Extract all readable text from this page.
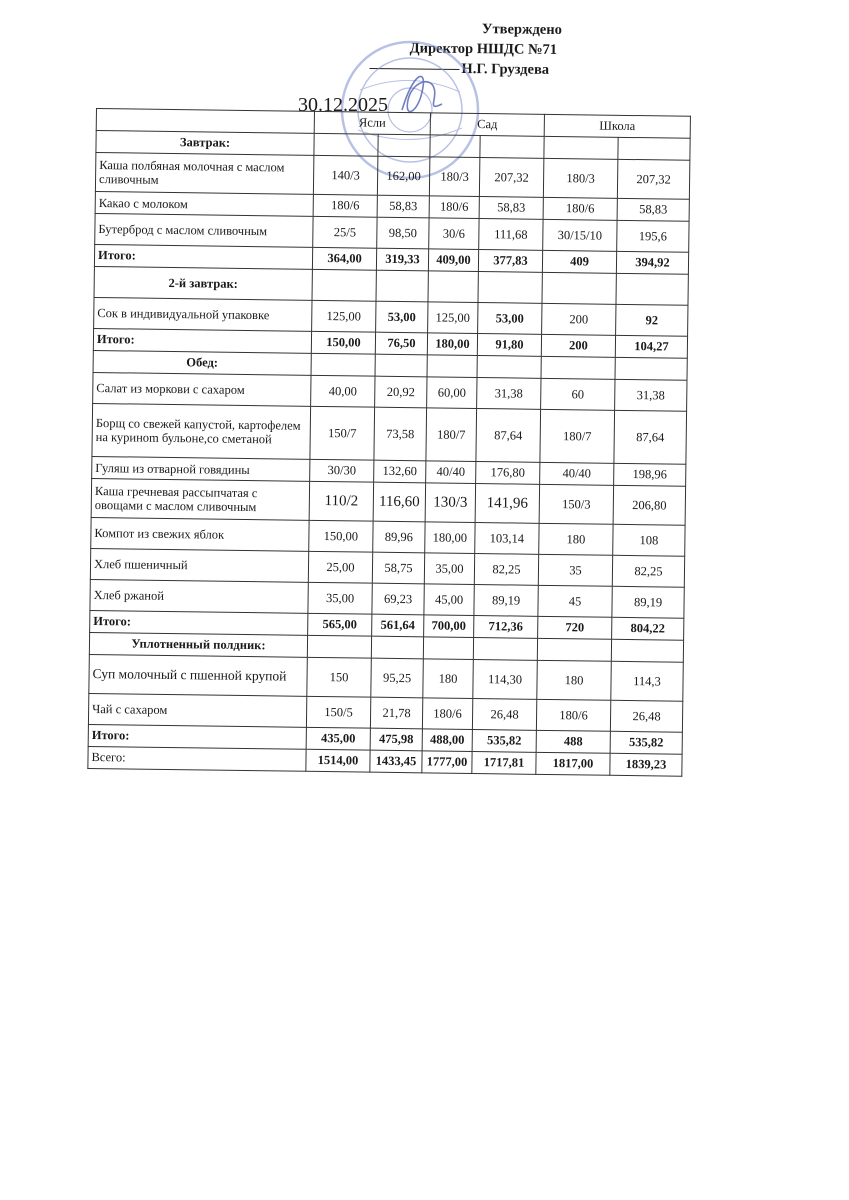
Утверждено
Директор НШДС №71
Н.Г. Груздева
30.12.2025
	Ясли		Сад		Школа	
Завтрак:						
Каша полбяная молочная с маслом сливочным	140/3	162,00	180/3	207,32	180/3	207,32
Какао с молоком	180/6	58,83	180/6	58,83	180/6	58,83
Бутерброд с маслом сливочным	25/5	98,50	30/6	111,68	30/15/10	195,6
Итого:	364,00	319,33	409,00	377,83	409	394,92
2-й завтрак:						
Сок в индивидуальной упаковке	125,00	53,00	125,00	53,00	200	92
Итого:	150,00	76,50	180,00	91,80	200	104,27
Обед:						
Салат из моркови с сахаром	40,00	20,92	60,00	31,38	60	31,38
Борщ со свежей капустой, картофелем на куриноm бульоне,со сметаной	150/7	73,58	180/7	87,64	180/7	87,64
Гуляш из отварной говядины	30/30	132,60	40/40	176,80	40/40	198,96
Каша гречневая рассыпчатая с овощами с маслом сливочным	110/2	116,60	130/3	141,96	150/3	206,80
Компот из свежих яблок	150,00	89,96	180,00	103,14	180	108
Хлеб пшеничный	25,00	58,75	35,00	82,25	35	82,25
Хлеб ржаной	35,00	69,23	45,00	89,19	45	89,19
Итого:	565,00	561,64	700,00	712,36	720	804,22
Уплотненный полдник:						
Суп молочный с пшенной крупой	150	95,25	180	114,30	180	114,3
Чай с сахаром	150/5	21,78	180/6	26,48	180/6	26,48
Итого:	435,00	475,98	488,00	535,82	488	535,82
Всего:	1514,00	1433,45	1777,00	1717,81	1817,00	1839,23
